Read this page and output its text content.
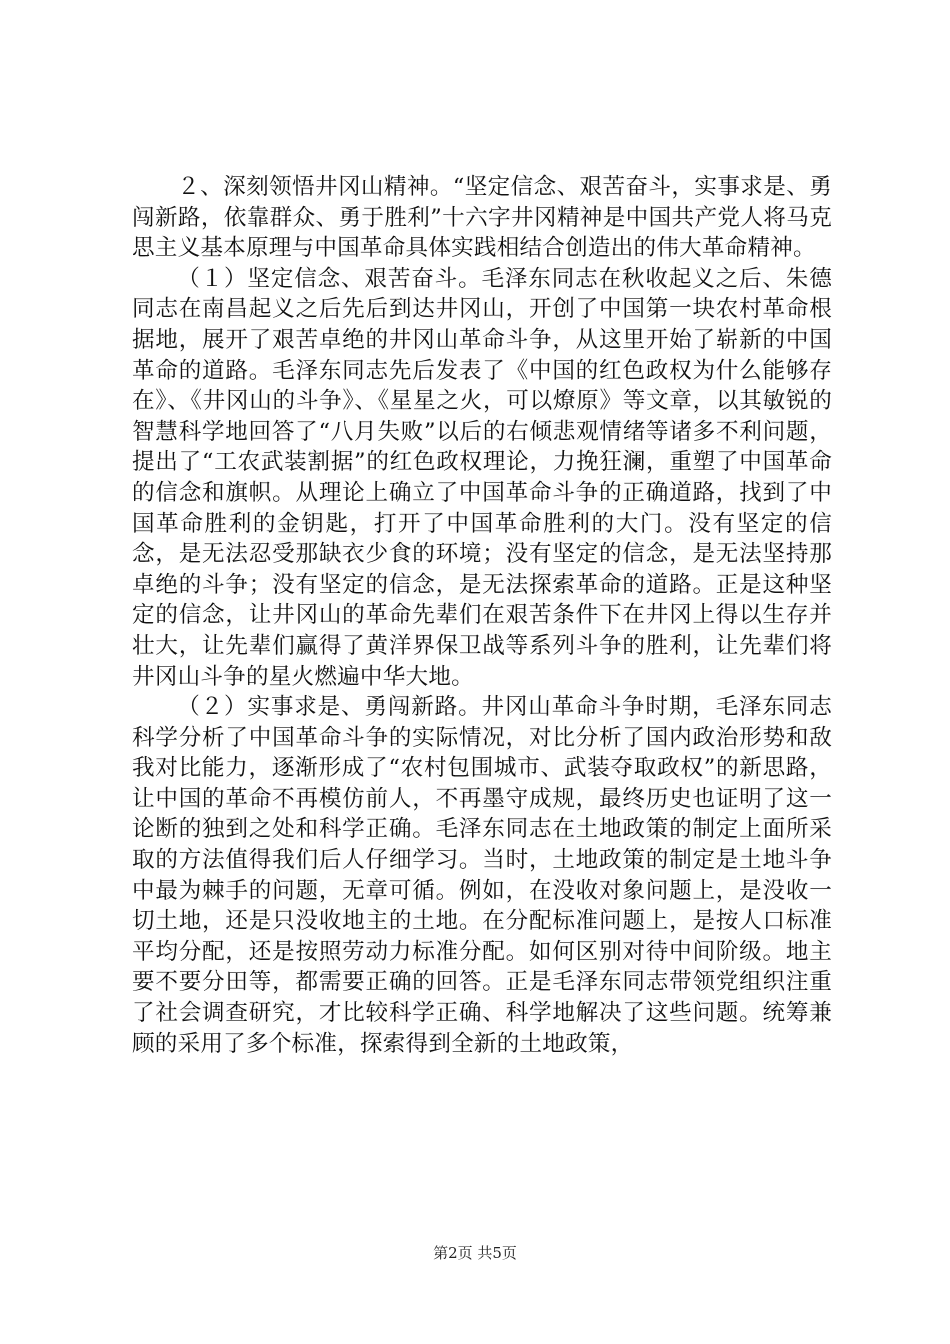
２、深刻领悟井冈山精神。“坚定信念、艰苦奋斗，实事求是、勇闯新路，依靠群众、勇于胜利”十六字井冈精神是中国共产党人将马克思主义基本原理与中国革命具体实践相结合创造出的伟大革命精神。

（１）坚定信念、艰苦奋斗。毛泽东同志在秋收起义之后、朱德同志在南昌起义之后先后到达井冈山，开创了中国第一块农村革命根据地，展开了艰苦卓绝的井冈山革命斗争，从这里开始了崭新的中国革命的道路。毛泽东同志先后发表了《中国的红色政权为什么能够存在》、《井冈山的斗争》、《星星之火，可以燎原》等文章，以其敏锐的智慧科学地回答了“八月失败”以后的右倾悲观情绪等诸多不利问题，提出了“工农武装割据”的红色政权理论，力挽狂澜，重塑了中国革命的信念和旗帜。从理论上确立了中国革命斗争的正确道路，找到了中国革命胜利的金钥匙，打开了中国革命胜利的大门。没有坚定的信念，是无法忍受那缺衣少食的环境；没有坚定的信念，是无法坚持那卓绝的斗争；没有坚定的信念，是无法探索革命的道路。正是这种坚定的信念，让井冈山的革命先辈们在艰苦条件下在井冈上得以生存并壮大，让先辈们赢得了黄洋界保卫战等系列斗争的胜利，让先辈们将井冈山斗争的星火燃遍中华大地。

（２）实事求是、勇闯新路。井冈山革命斗争时期，毛泽东同志科学分析了中国革命斗争的实际情况，对比分析了国内政治形势和敌我对比能力，逐渐形成了“农村包围城市、武装夺取政权”的新思路，让中国的革命不再模仿前人，不再墨守成规，最终历史也证明了这一论断的独到之处和科学正确。毛泽东同志在土地政策的制定上面所采取的方法值得我们后人仔细学习。当时，土地政策的制定是土地斗争中最为棘手的问题，无章可循。例如，在没收对象问题上，是没收一切土地，还是只没收地主的土地。在分配标准问题上，是按人口标准平均分配，还是按照劳动力标准分配。如何区别对待中间阶级。地主要不要分田等，都需要正确的回答。正是毛泽东同志带领党组织注重了社会调查研究，才比较科学正确、科学地解决了这些问题。统筹兼顾的采用了多个标准，探索得到全新的土地政策，

第2页 共5页
